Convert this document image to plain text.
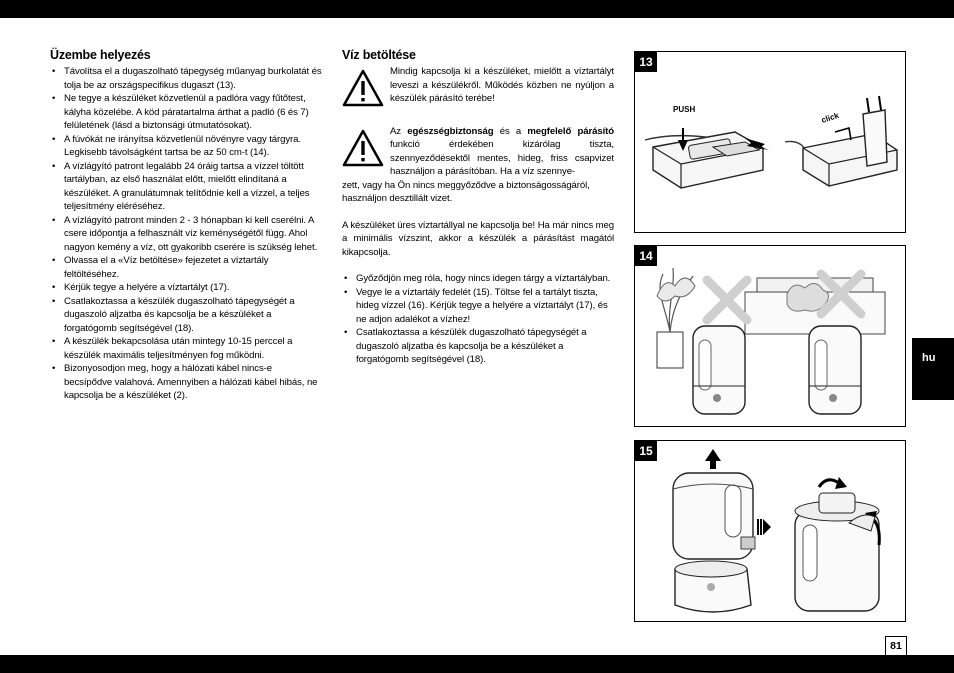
Üzembe helyezés
• Távolítsa el a dugaszolható tápegység műanyag burkolatát és tolja be az országspecifikus dugaszt (13).
• Ne tegye a készüléket közvetlenül a padlóra vagy fűtőtest, kályha közelébe. A köd páratartalma árthat a padló (6 és 7) felületének (lásd a biztonsági útmutatósokat).
• A fúvókát ne irányítsa közvetlenül növényre vagy tárgyra. Legkisebb távolságként tartsa be az 50 cm-t (14).
• A vízlágyító patront legalább 24 óráig tartsa a vízzel töltött tartályban, az első használat előtt, mielőtt elindítaná a készüléket. A granulátumnak telítődnie kell a vízzel, a teljes teljesítmény eléréséhez.
• A vízlágyító patront minden 2 - 3 hónapban ki kell cserélni. A csere időpontja a felhasznált víz keménységétől függ. Ahol nagyon kemény a víz, ott gyakoribb cserére is szükség lehet.
• Olvassa el a «Víz betöltése» fejezetet a víztartály feltöltéséhez.
• Kérjük tegye a helyére a víztartályt (17).
• Csatlakoztassa a készülék dugaszolható tápegységét a dugaszoló aljzatba és kapcsolja be a készüléket a forgatógomb segítségével (18).
• A készülék bekapcsolása után mintegy 10-15 perccel a készülék maximális teljesítményen fog működni.
• Bizonyosodjon meg, hogy a hálózati kábel nincs-e becsípődve valahová. Amennyiben a hálózati kábel hibás, ne kapcsolja be a készüléket (2).
Víz betöltése

Mindig kapcsolja ki a készüléket, mielőtt a víztartályt leveszi a készülékről. Működés közben ne nyúljon a készülék párásító terébe!

Az egészségbiztonság és a megfelelő párásító funkció érdekében kizárólag tiszta, szennyeződésektől mentes, hideg, friss csapvizet használjon a párásítóban. Ha a víz szennye-

zett, vagy ha Ön nincs meggyőződve a biztonságosságáról, használjon desztillált vizet.

A készüléket üres víztartállyal ne kapcsolja be! Ha már nincs meg a minimális vízszint, akkor a készülék a párásítást magától kikapcsolja.

• Győződjön meg róla, hogy nincs idegen tárgy a víztartályban.
• Vegye le a víztartály fedelét (15). Töltse fel a tartályt tiszta, hideg vízzel (16). Kérjük tegye a helyére a víztartályt (17), és ne adjon adalékot a vízhez!
• Csatlakoztassa a készülék dugaszolható tápegységét a dugaszoló aljzatba és kapcsolja be a készüléket a forgatógomb segítségével (18).
PUSH
click
13
14
15
hu
81
